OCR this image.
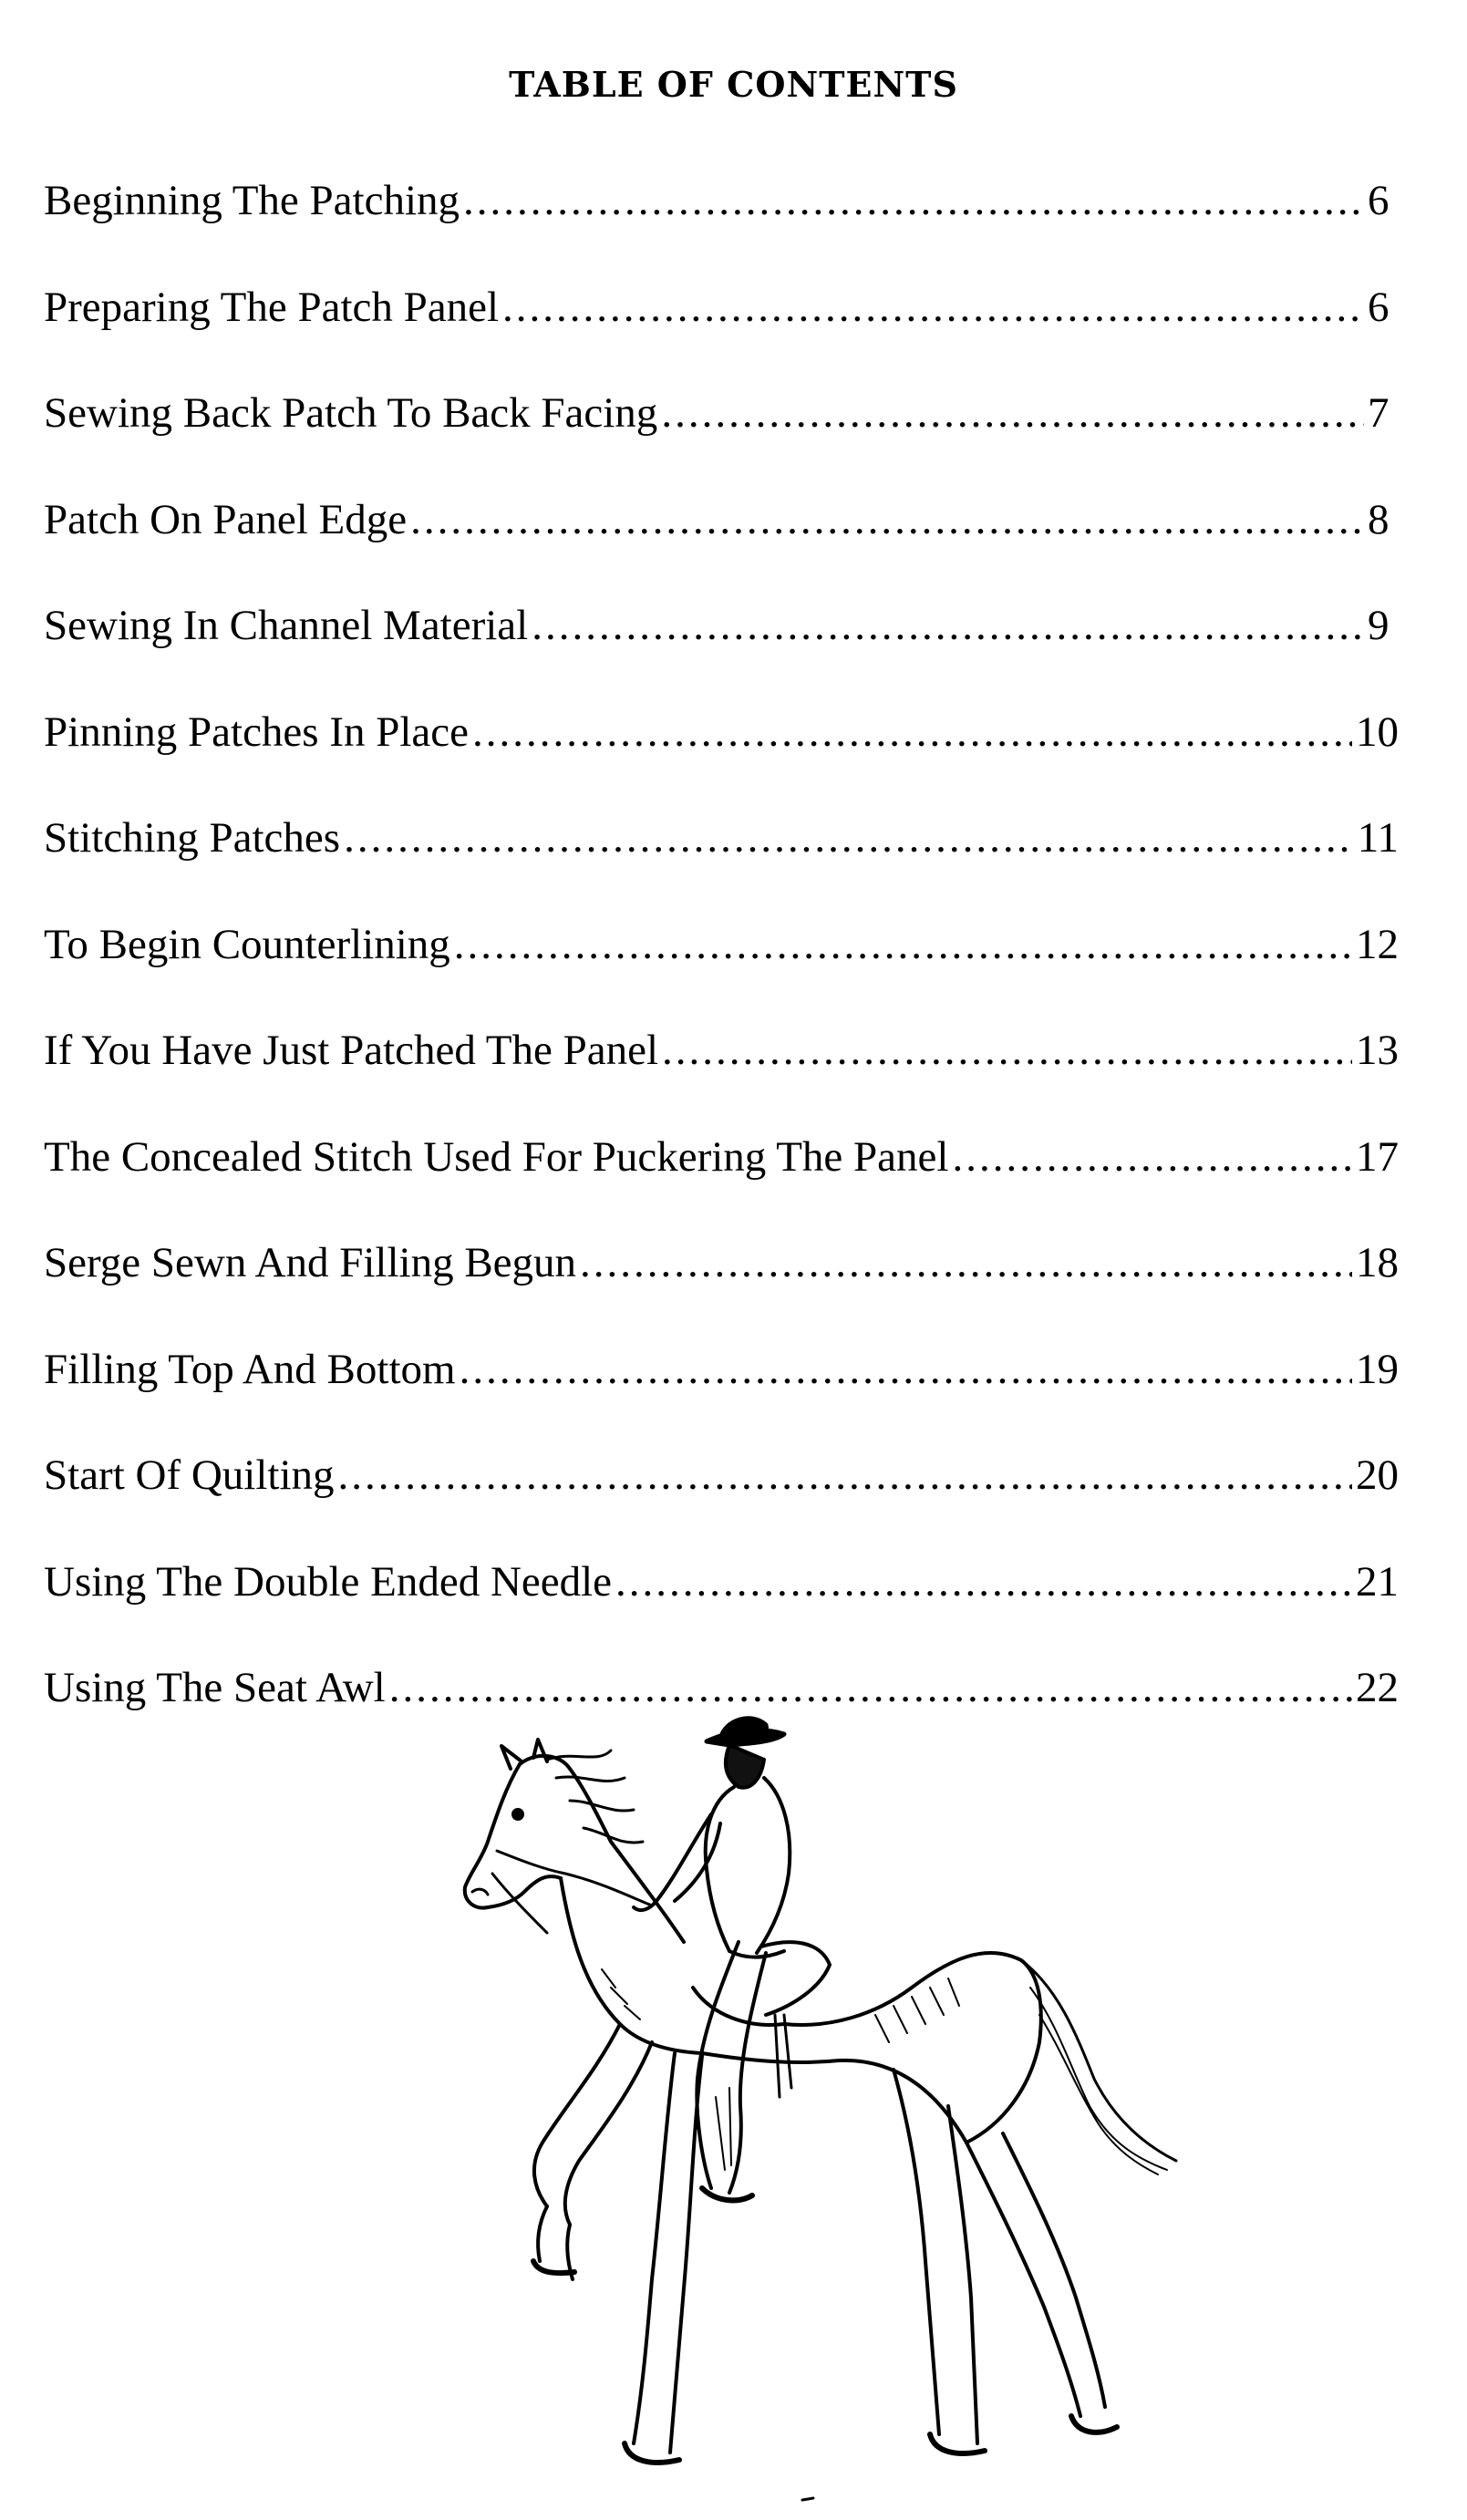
TABLE OF CONTENTS
Beginning The Patching .....	6
Preparing The Patch Panel .....	6
Sewing Back Patch To Back Facing .....	7
Patch On Panel Edge .....	8
Sewing In Channel Material .....	9
Pinning Patches In Place .....	10
Stitching Patches .....	11
To Begin Counterlining .....	12
If You Have Just Patched The Panel .....	13
The Concealed Stitch Used For Puckering The Panel .....	17
Serge Sewn And Filling Begun .....	18
Filling Top And Bottom .....	19
Start Of Quilting .....	20
Using The Double Ended Needle .....	21
Using The Seat Awl .....	22
